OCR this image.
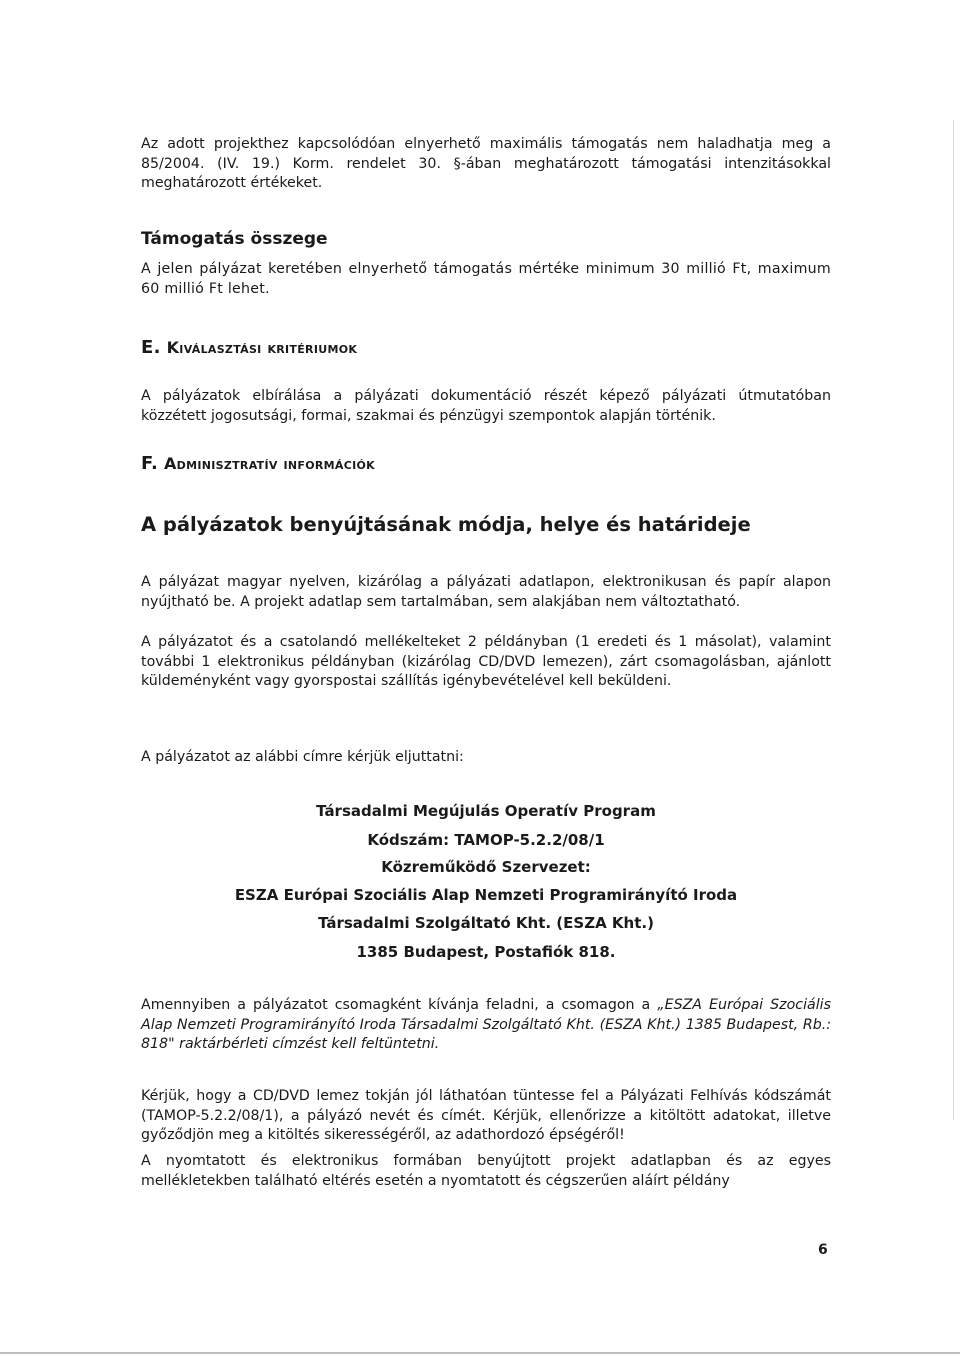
Az adott projekthez kapcsolódóan elnyerhető maximális támogatás nem haladhatja meg a 85/2004. (IV. 19.) Korm. rendelet 30. §-ában meghatározott támogatási intenzitásokkal meghatározott értékeket.

Támogatás összege

A jelen pályázat keretében elnyerhető támogatás mértéke minimum 30 millió Ft, maximum 60 millió Ft lehet.

E. Kiválasztási kritériumok

A pályázatok elbírálása a pályázati dokumentáció részét képező pályázati útmutatóban közzétett jogosutsági, formai, szakmai és pénzügyi szempontok alapján történik.

F. Adminisztratív információk

A pályázatok benyújtásának módja, helye és határideje

A pályázat magyar nyelven, kizárólag a pályázati adatlapon, elektronikusan és papír alapon nyújtható be. A projekt adatlap sem tartalmában, sem alakjában nem változtatható.

A pályázatot és a csatolandó mellékelteket 2 példányban (1 eredeti és 1 másolat), valamint további 1 elektronikus példányban (kizárólag CD/DVD lemezen), zárt csomagolásban, ajánlott küldeményként vagy gyorspostai szállítás igénybevételével kell beküldeni.

A pályázatot az alábbi címre kérjük eljuttatni:

Társadalmi Megújulás Operatív Program

Kódszám: TAMOP-5.2.2/08/1

Közreműködő Szervezet:

ESZA Európai Szociális Alap Nemzeti Programirányító Iroda

Társadalmi Szolgáltató Kht. (ESZA Kht.)

1385 Budapest, Postafiók 818.

Amennyiben a pályázatot csomagként kívánja feladni, a csomagon a „ESZA Európai Szociális Alap Nemzeti Programirányító Iroda Társadalmi Szolgáltató Kht. (ESZA Kht.) 1385 Budapest, Rb.: 818" raktárbérleti címzést kell feltüntetni.

Kérjük, hogy a CD/DVD lemez tokján jól láthatóan tüntesse fel a Pályázati Felhívás kódszámát (TAMOP-5.2.2/08/1), a pályázó nevét és címét. Kérjük, ellenőrizze a kitöltött adatokat, illetve győződjön meg a kitöltés sikerességéről, az adathordozó épségéről!

A nyomtatott és elektronikus formában benyújtott projekt adatlapban és az egyes mellékletekben található eltérés esetén a nyomtatott és cégszerűen aláírt példány

6
